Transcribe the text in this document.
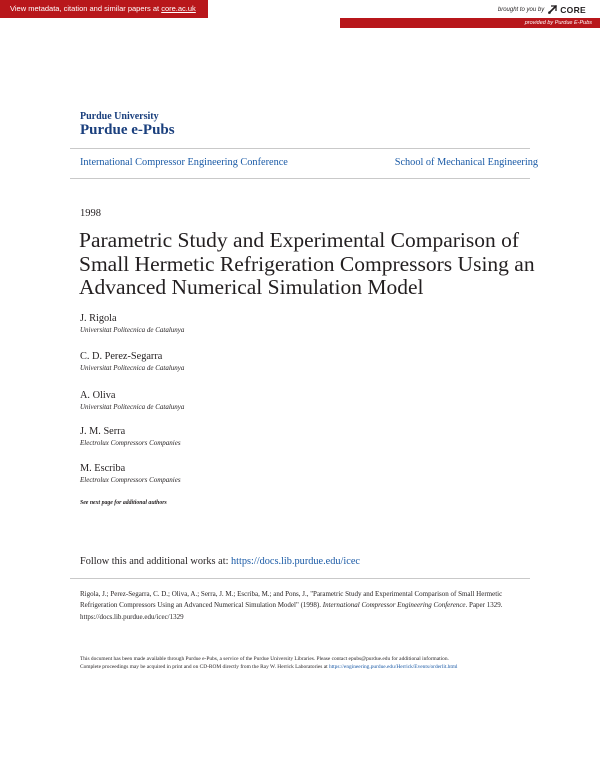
View metadata, citation and similar papers at core.ac.uk	brought to you by CORE
provided by Purdue E-Pubs
Purdue University
Purdue e-Pubs
International Compressor Engineering Conference	School of Mechanical Engineering
1998
Parametric Study and Experimental Comparison of Small Hermetic Refrigeration Compressors Using an Advanced Numerical Simulation Model
J. Rigola
Universitat Politecnica de Catalunya
C. D. Perez-Segarra
Universitat Politecnica de Catalunya
A. Oliva
Universitat Politecnica de Catalunya
J. M. Serra
Electrolux Compressors Companies
M. Escriba
Electrolux Compressors Companies
See next page for additional authors
Follow this and additional works at: https://docs.lib.purdue.edu/icec

Rigola, J.; Perez-Segarra, C. D.; Oliva, A.; Serra, J. M.; Escriba, M.; and Pons, J., "Parametric Study and Experimental Comparison of Small Hermetic Refrigeration Compressors Using an Advanced Numerical Simulation Model" (1998). International Compressor Engineering Conference. Paper 1329.
https://docs.lib.purdue.edu/icec/1329

This document has been made available through Purdue e-Pubs, a service of the Purdue University Libraries. Please contact epubs@purdue.edu for additional information.
Complete proceedings may be acquired in print and on CD-ROM directly from the Ray W. Herrick Laboratories at https://engineering.purdue.edu/Herrick/Events/orderlit.html
